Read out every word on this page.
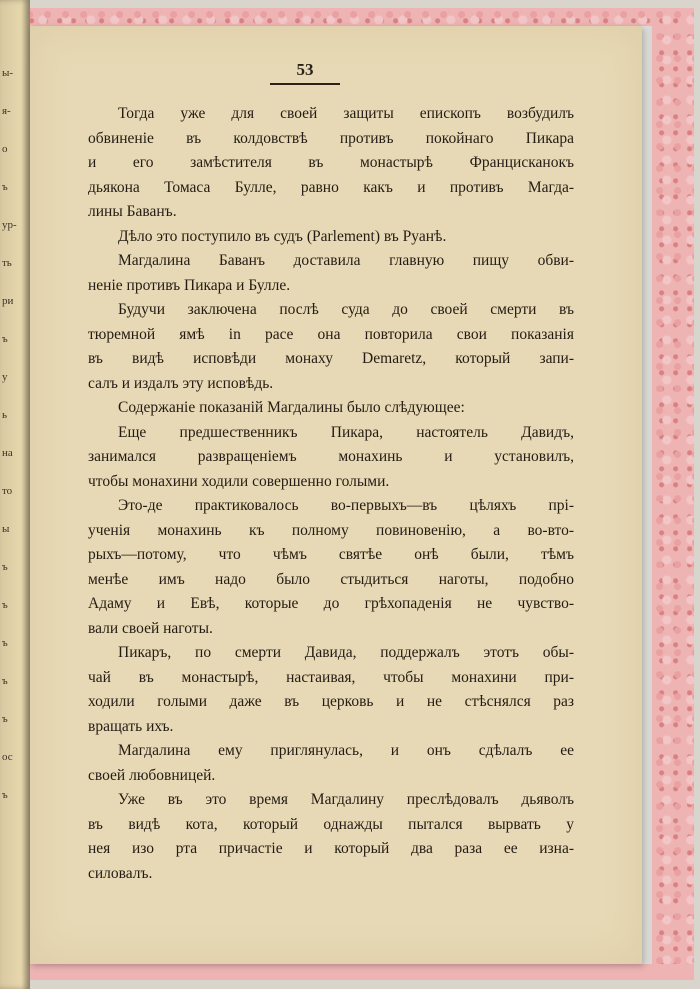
ы-
я-
о
ъ
ур-
ть
ри
ъ
у
ь
на
то
ы
ъ
ъ
ъ
ъ
ъ
ос
ъ
53
Тогда уже для своей защиты епископъ возбудилъ
обвиненіе въ колдовствѣ противъ покойнаго Пикара
и его замѣстителя въ монастырѣ Францисканокъ
дьякона Томаса Булле, равно какъ и противъ Магда-
лины Баванъ.
Дѣло это поступило въ судъ (Parlement) въ Руанѣ.
Магдалина Баванъ доставила главную пищу обви-
неніе противъ Пикара и Булле.
Будучи заключена послѣ суда до своей смерти въ
тюремной ямѣ in pace она повторила свои показанія
въ видѣ исповѣди монаху Demarеtz, который запи-
салъ и издалъ эту исповѣдь.
Содержаніе показаній Магдалины было слѣдующее:
Еще предшественникъ Пикара, настоятель Давидъ,
занимался развращеніемъ монахинь и установилъ,
чтобы монахини ходили совершенно голыми.
Это-де практиковалось во-первыхъ—въ цѣляхъ прі-
ученія монахинь къ полному повиновенію, а во-вто-
рыхъ—потому, что чѣмъ святѣе онѣ были, тѣмъ
менѣе имъ надо было стыдиться наготы, подобно
Адаму и Евѣ, которые до грѣхопаденія не чувство-
вали своей наготы.
Пикаръ, по смерти Давида, поддержалъ этотъ обы-
чай въ монастырѣ, настаивая, чтобы монахини при-
ходили голыми даже въ церковь и не стѣснялся раз
вращать ихъ.
Магдалина ему приглянулась, и онъ сдѣлалъ ее
своей любовницей.
Уже въ это время Магдалину преслѣдовалъ дьяволъ
въ видѣ кота, который однажды пытался вырвать у
нея изо рта причастіе и который два раза ее изна-
силовалъ.
